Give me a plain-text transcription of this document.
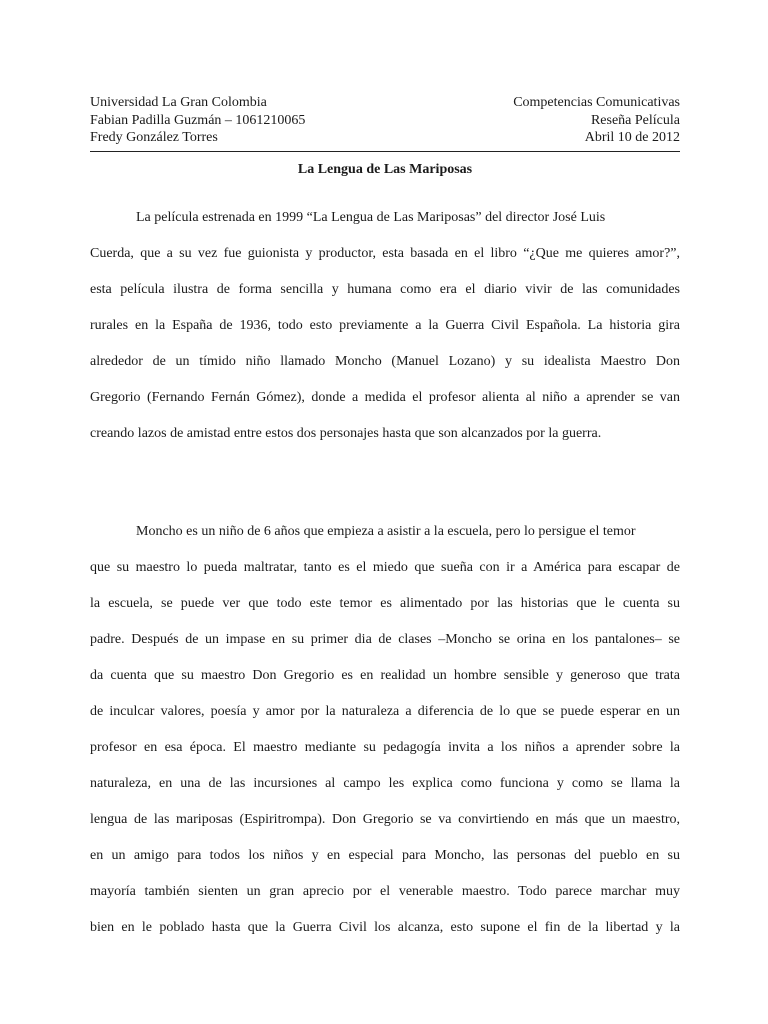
Universidad La Gran Colombia	Competencias Comunicativas
Fabian Padilla Guzmán – 1061210065	Reseña Película
Fredy González Torres	Abril 10 de 2012
La Lengua de Las Mariposas
La película estrenada en 1999 “La Lengua de Las Mariposas” del director José Luis
Cuerda, que a su vez fue guionista y productor, esta basada en el libro “¿Que me quieres amor?”,
esta película ilustra de forma sencilla y humana como era el diario vivir de las comunidades
rurales en la España de 1936, todo esto previamente a la Guerra Civil Española. La historia gira
alrededor de un tímido niño llamado Moncho (Manuel Lozano) y su idealista Maestro Don
Gregorio (Fernando Fernán Gómez), donde a medida el profesor alienta al niño a aprender se van
creando lazos de amistad entre estos dos personajes hasta que son alcanzados por la guerra.
Moncho es un niño de 6 años que empieza a asistir a la escuela, pero lo persigue el temor
que su maestro lo pueda maltratar, tanto es el miedo que sueña con ir a América para escapar de
la escuela, se puede ver que todo este temor es alimentado por las historias que le cuenta su
padre. Después de un impase en su primer dia de clases –Moncho se orina en los pantalones– se
da cuenta que su maestro Don Gregorio es en realidad un hombre sensible y generoso que trata
de inculcar valores, poesía y amor por la naturaleza a diferencia de lo que se puede esperar en un
profesor en esa época. El maestro mediante su pedagogía invita a los niños a aprender sobre la
naturaleza, en una de las incursiones al campo les explica como funciona y como se llama la
lengua de las mariposas (Espiritrompa). Don Gregorio se va convirtiendo en más que un maestro,
en un amigo para todos los niños y en especial para Moncho, las personas del pueblo en su
mayoría también sienten un gran aprecio por el venerable maestro. Todo parece marchar muy
bien en le poblado hasta que la Guerra Civil los alcanza, esto supone el fin de la libertad y la
